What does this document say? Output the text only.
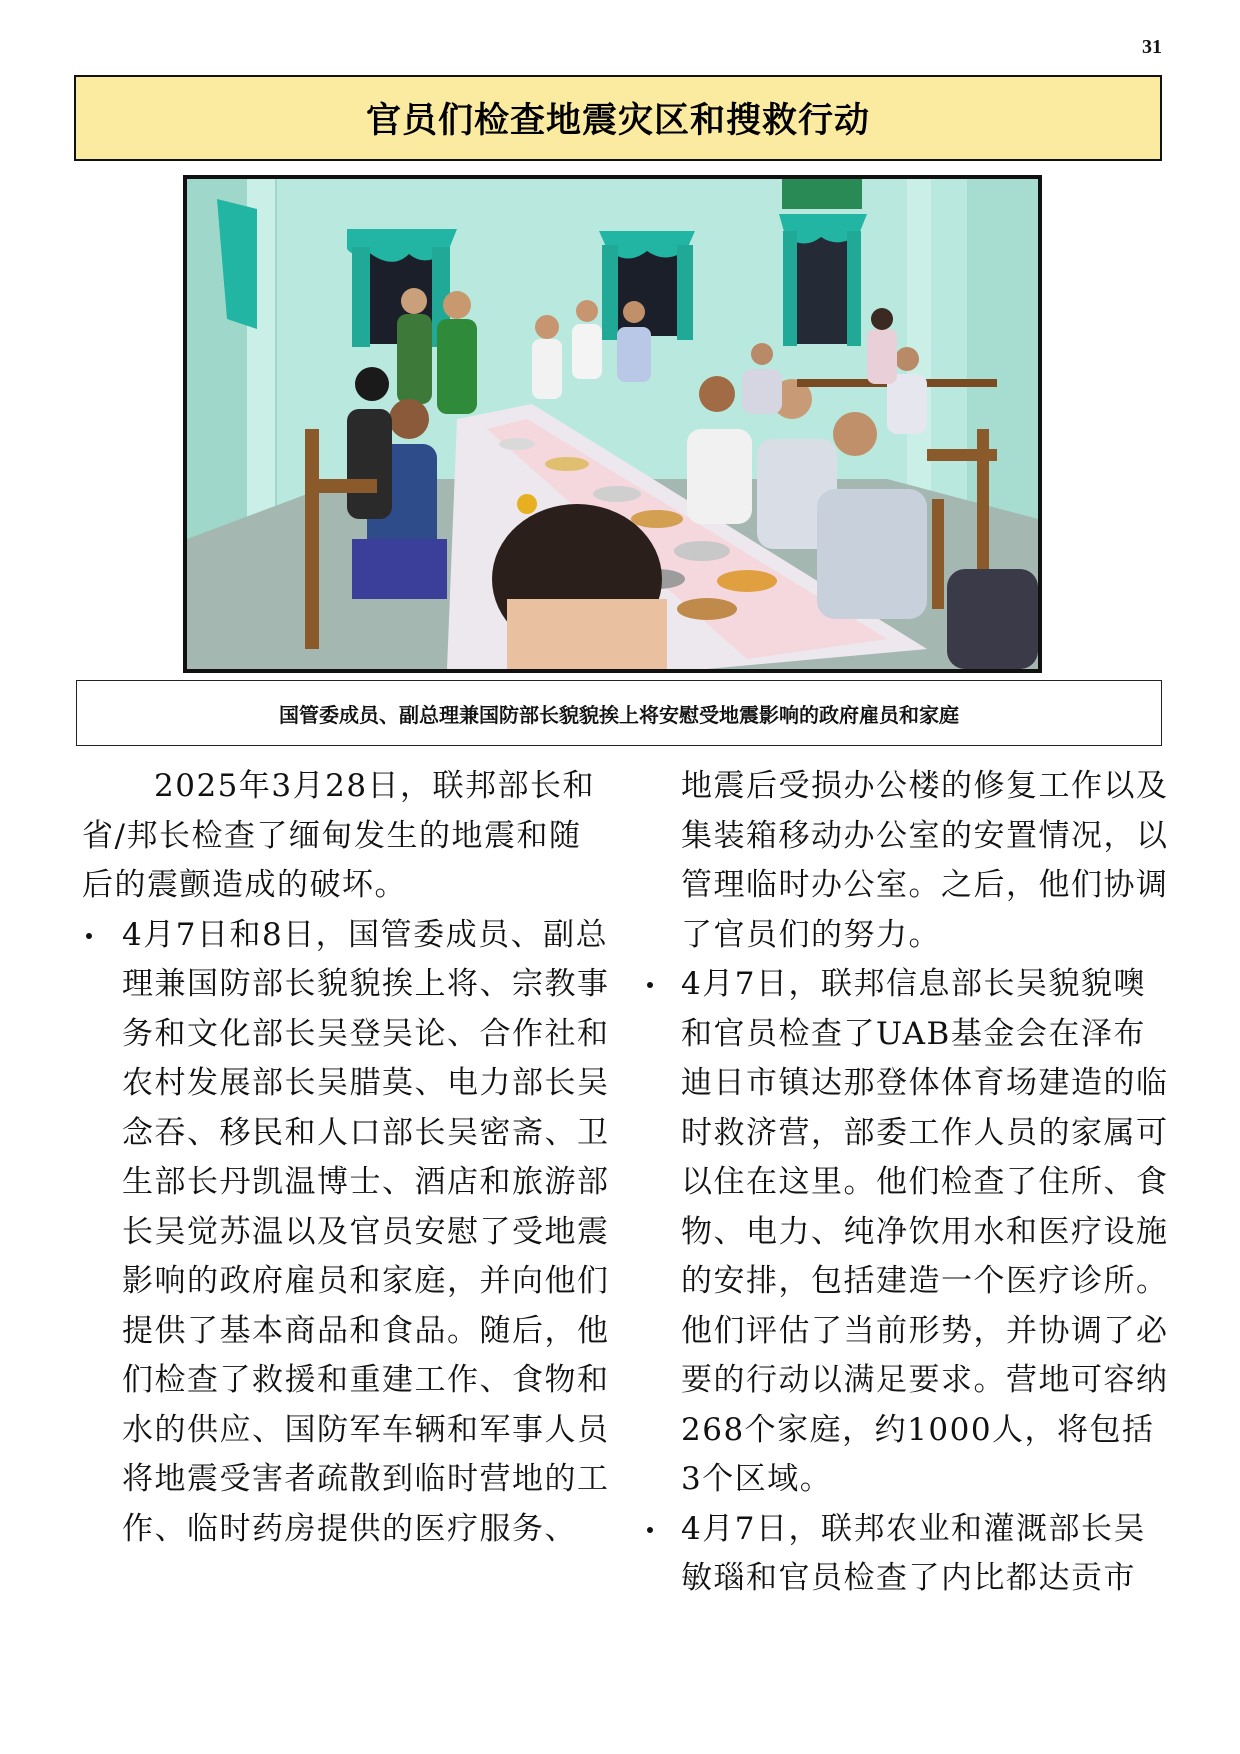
31
官员们检查地震灾区和搜救行动

国管委成员、副总理兼国防部长貌貌挨上将安慰受地震影响的政府雇员和家庭

2025年3月28日，联邦部长和省/邦长检查了缅甸发生的地震和随后的震颤造成的破坏。

4月7日和8日，国管委成员、副总理兼国防部长貌貌挨上将、宗教事务和文化部长吴登吴论、合作社和农村发展部长吴腊莫、电力部长吴念吞、移民和人口部长吴密斋、卫生部长丹凯温博士、酒店和旅游部长吴觉苏温以及官员安慰了受地震影响的政府雇员和家庭，并向他们提供了基本商品和食品。随后，他们检查了救援和重建工作、食物和水的供应、国防军车辆和军事人员将地震受害者疏散到临时营地的工作、临时药房提供的医疗服务、

地震后受损办公楼的修复工作以及集装箱移动办公室的安置情况，以管理临时办公室。之后，他们协调了官员们的努力。

4月7日，联邦信息部长吴貌貌噢和官员检查了UAB基金会在泽布迪日市镇达那登体体育场建造的临时救济营，部委工作人员的家属可以住在这里。他们检查了住所、食物、电力、纯净饮用水和医疗设施的安排，包括建造一个医疗诊所。他们评估了当前形势，并协调了必要的行动以满足要求。营地可容纳268个家庭，约1000人，将包括3个区域。
4月7日，联邦农业和灌溉部长吴敏瑙和官员检查了内比都达贡市
